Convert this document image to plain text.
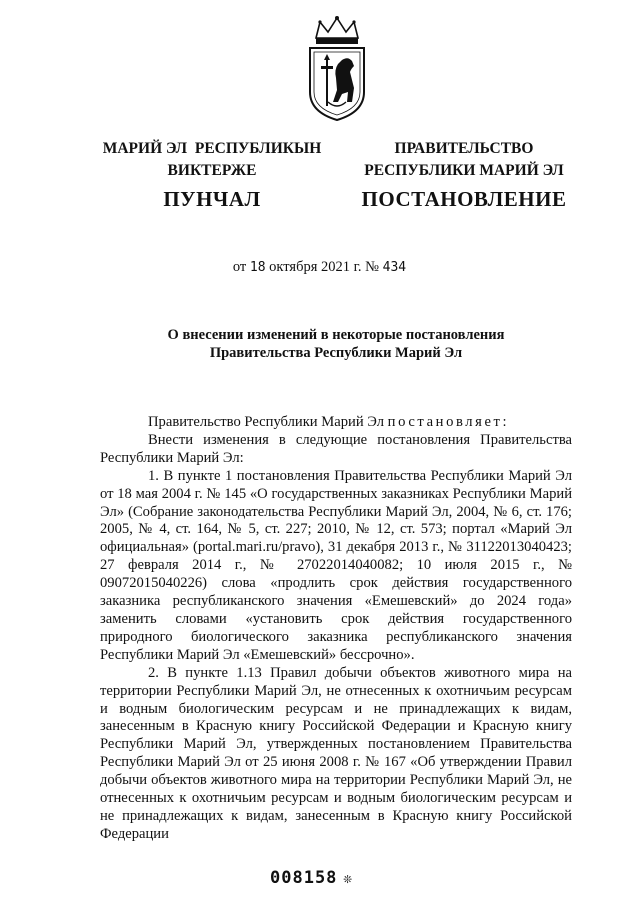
МАРИЙ ЭЛ  РЕСПУБЛИКЫН
ВИКТЕРЖЕ
ПУНЧАЛ
ПРАВИТЕЛЬСТВО
РЕСПУБЛИКИ МАРИЙ ЭЛ
ПОСТАНОВЛЕНИЕ
от 18 октября 2021 г. № 434
О внесении изменений в некоторые постановления
Правительства Республики Марий Эл

Правительство Республики Марий Эл постановляет:

Внести изменения в следующие постановления Правительства Республики Марий Эл:

1. В пункте 1 постановления Правительства Республики Марий Эл от 18 мая 2004 г. № 145 «О государственных заказниках Республики Марий Эл» (Собрание законодательства Республики Марий Эл, 2004, № 6, ст. 176; 2005, № 4, ст. 164, № 5, ст. 227; 2010, № 12, ст. 573; портал «Марий Эл официальная» (portal.mari.ru/pravo), 31 декабря 2013 г., № 31122013040423; 27 февраля 2014 г., № 27022014040082; 10 июля 2015 г., № 09072015040226) слова «продлить срок действия государственного заказника республиканского значения «Емешевский» до 2024 года» заменить словами «установить срок действия государственного природного биологического заказника республиканского значения Республики Марий Эл «Емешевский» бессрочно».

2. В пункте 1.13 Правил добычи объектов животного мира на территории Республики Марий Эл, не отнесенных к охотничьим ресурсам и водным биологическим ресурсам и не принадлежащих к видам, занесенным в Красную книгу Российской Федерации и Красную книгу Республики Марий Эл, утвержденных постановлением Правительства Республики Марий Эл от 25 июня 2008 г. № 167 «Об утверждении Правил добычи объектов животного мира на территории Республики Марий Эл, не отнесенных к охотничьим ресурсам и водным биологическим ресурсам и не принадлежащих к видам, занесенным в Красную книгу Российской Федерации

008158 ❊
